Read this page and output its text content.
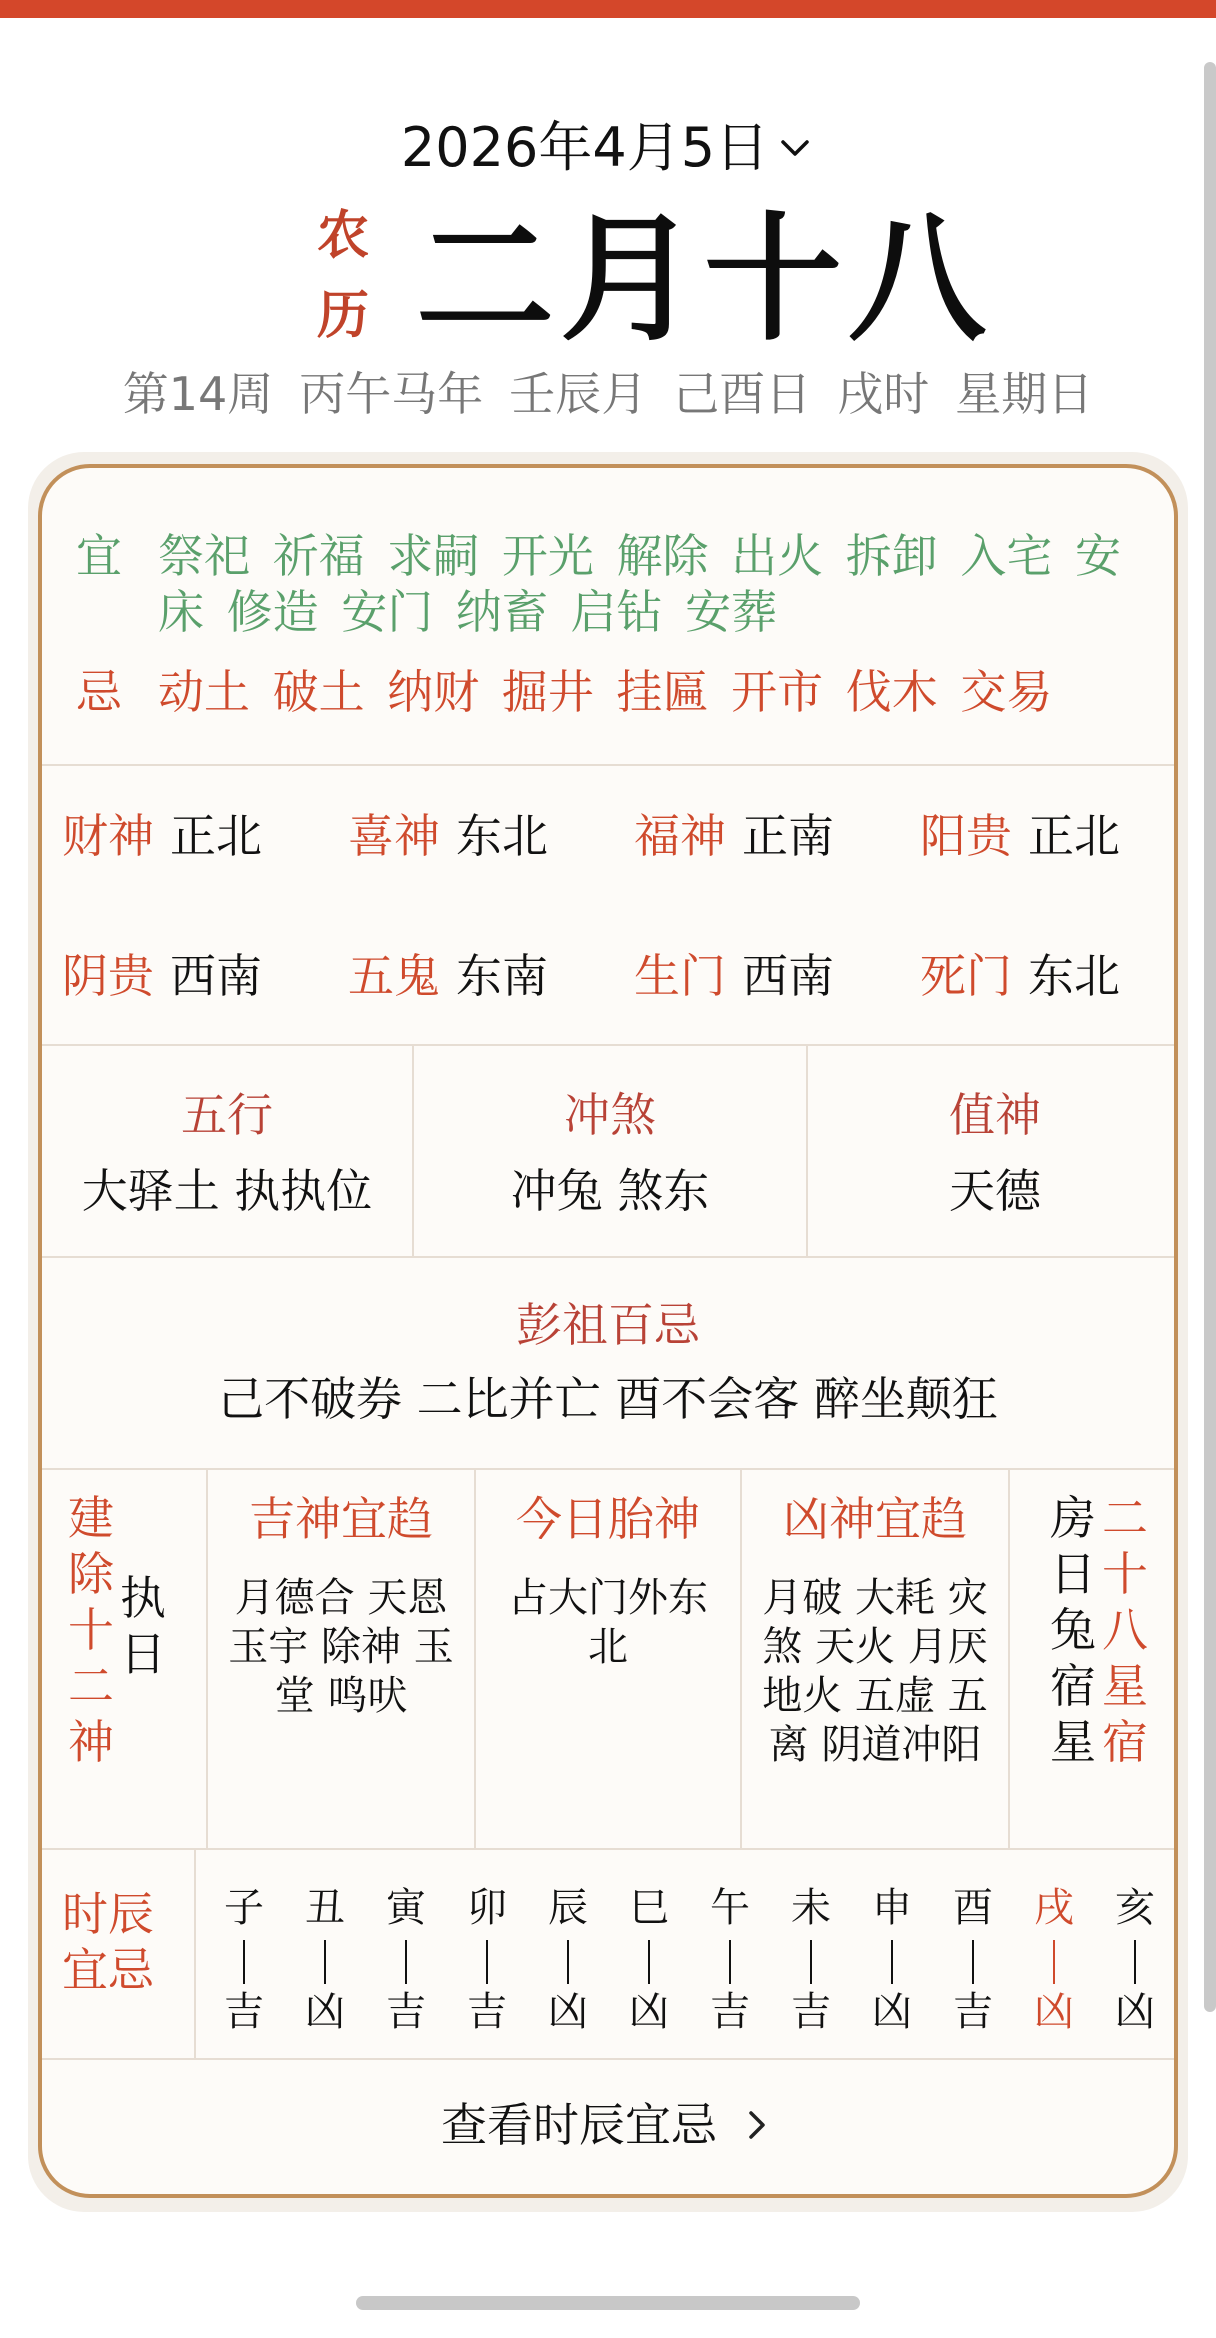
2026年4月5日
农
历 二月十八
第14周 丙午马年 壬辰月 己酉日 戌时 星期日
宜 祭祀 祈福 求嗣 开光 解除 出火 拆卸 入宅 安床 修造 安门 纳畜 启钻 安葬
忌 动土 破土 纳财 掘井 挂匾 开市 伐木 交易
财神 正北 喜神 东北 福神 正南 阳贵 正北
阴贵 西南 五鬼 东南 生门 西南 死门 东北
五行
大驿土 执执位
冲煞
冲兔 煞东
值神
天德
彭祖百忌
己不破券 二比并亡 酉不会客 醉坐颠狂
建除十二神
执日
吉神宜趋
月德合 天恩 玉宇 除神 玉堂 鸣吠
今日胎神
占大门外东北
凶神宜趋
月破 大耗 灾煞 天火 月厌 地火 五虚 五离 阴道冲阳
房日兔宿星
二十八星宿
时辰宜忌
子
吉
丑
凶
寅
吉
卯
吉
辰
凶
巳
凶
午
吉
未
吉
申
凶
酉
吉
戌
凶
亥
凶
查看时辰宜忌
